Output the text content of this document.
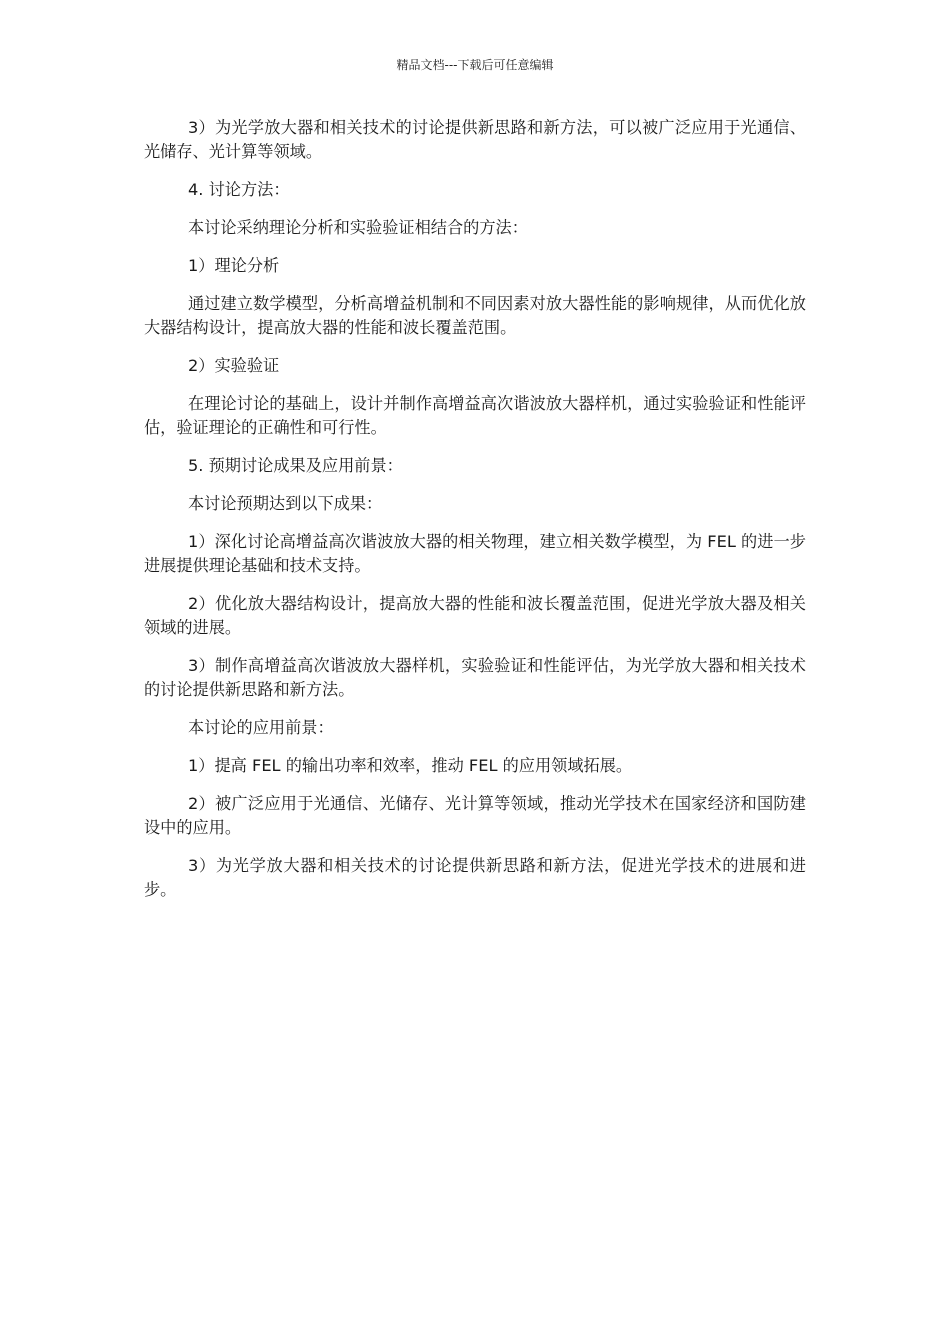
精品文档---下载后可任意编辑

3）为光学放大器和相关技术的讨论提供新思路和新方法，可以被广泛应用于光通信、光储存、光计算等领域。

4. 讨论方法：

本讨论采纳理论分析和实验验证相结合的方法：

1）理论分析

通过建立数学模型，分析高增益机制和不同因素对放大器性能的影响规律，从而优化放大器结构设计，提高放大器的性能和波长覆盖范围。

2）实验验证

在理论讨论的基础上，设计并制作高增益高次谐波放大器样机，通过实验验证和性能评估，验证理论的正确性和可行性。

5. 预期讨论成果及应用前景：

本讨论预期达到以下成果：

1）深化讨论高增益高次谐波放大器的相关物理，建立相关数学模型，为 FEL 的进一步进展提供理论基础和技术支持。

2）优化放大器结构设计，提高放大器的性能和波长覆盖范围，促进光学放大器及相关领域的进展。

3）制作高增益高次谐波放大器样机，实验验证和性能评估，为光学放大器和相关技术的讨论提供新思路和新方法。

本讨论的应用前景：

1）提高 FEL 的输出功率和效率，推动 FEL 的应用领域拓展。

2）被广泛应用于光通信、光储存、光计算等领域，推动光学技术在国家经济和国防建设中的应用。

3）为光学放大器和相关技术的讨论提供新思路和新方法，促进光学技术的进展和进步。
